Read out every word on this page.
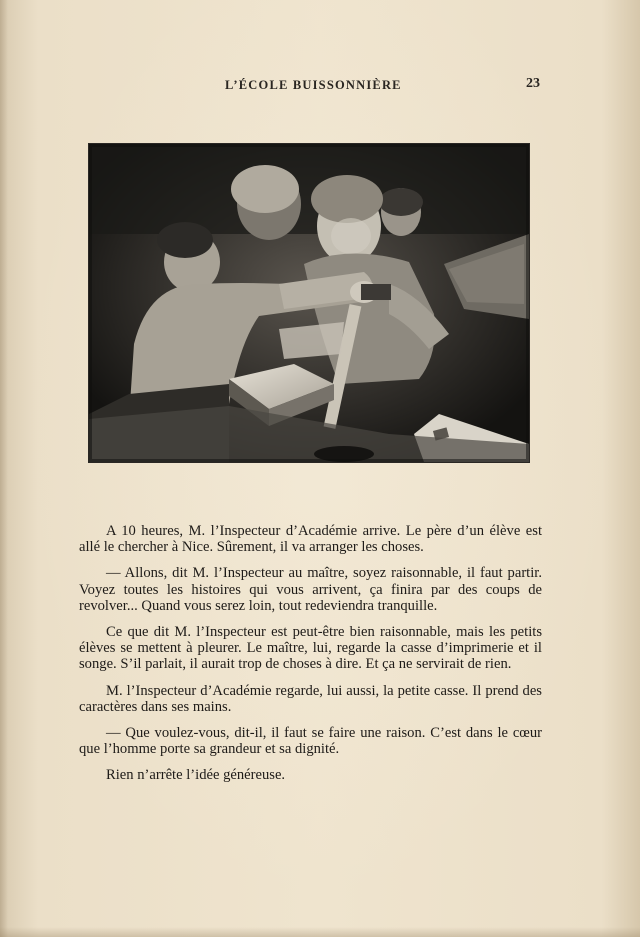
L’ÉCOLE BUISSONNIÈRE	23

A 10 heures, M. l’Inspecteur d’Académie arrive. Le père d’un élève est allé le chercher à Nice. Sûrement, il va arranger les choses.

— Allons, dit M. l’Inspecteur au maître, soyez raisonnable, il faut partir. Voyez toutes les histoires qui vous arrivent, ça finira par des coups de revolver... Quand vous serez loin, tout redeviendra tranquille.

Ce que dit M. l’Inspecteur est peut-être bien raisonnable, mais les petits élèves se mettent à pleurer. Le maître, lui, regarde la casse d’imprimerie et il songe. S’il parlait, il aurait trop de choses à dire. Et ça ne servirait de rien.

M. l’Inspecteur d’Académie regarde, lui aussi, la petite casse. Il prend des caractères dans ses mains.

— Que voulez-vous, dit-il, il faut se faire une raison. C’est dans le cœur que l’homme porte sa grandeur et sa dignité.

Rien n’arrête l’idée généreuse.
